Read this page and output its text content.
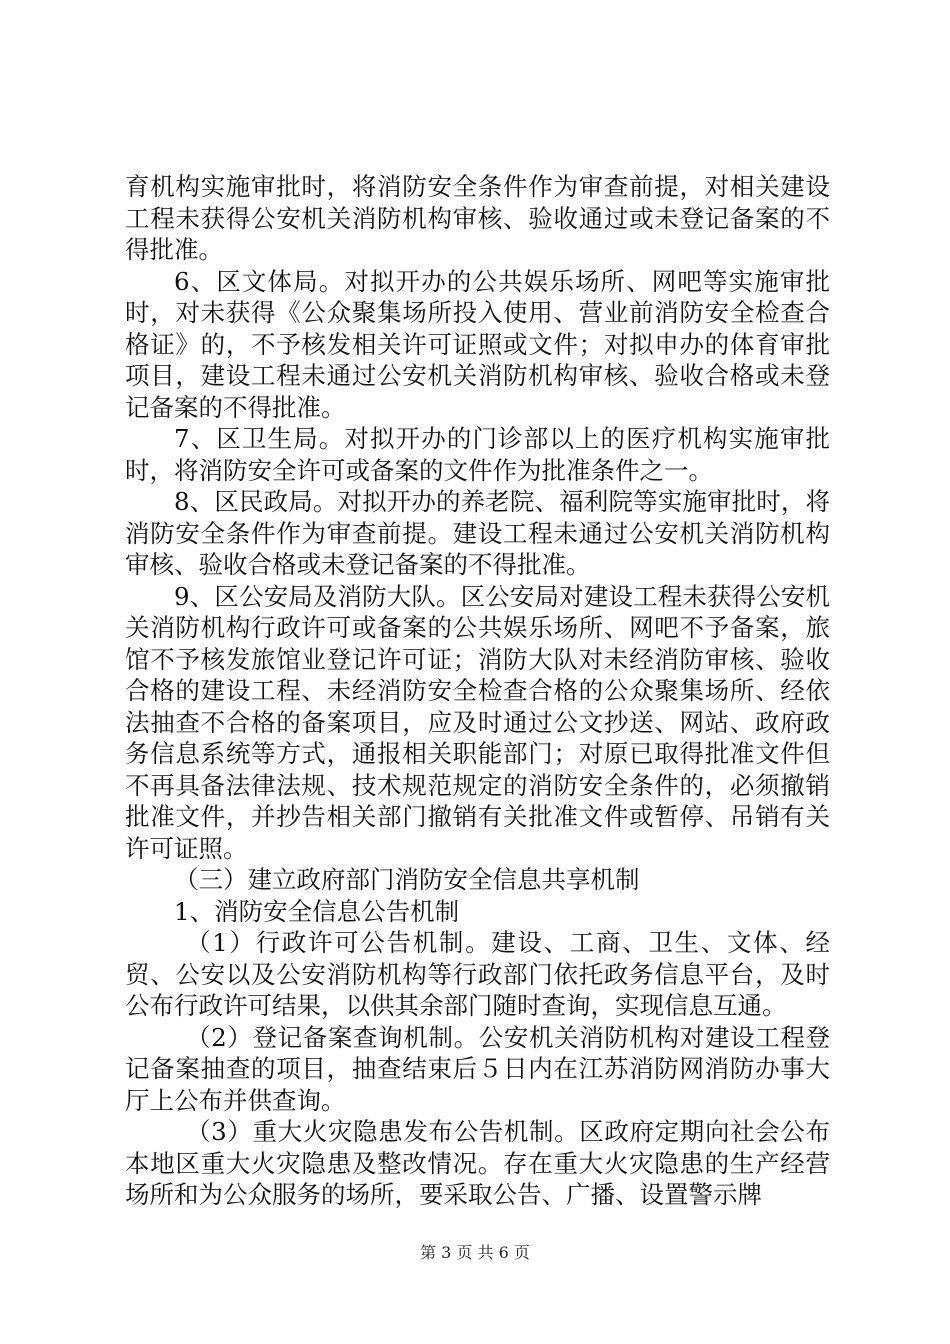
育机构实施审批时，将消防安全条件作为审查前提，对相关建设工程未获得公安机关消防机构审核、验收通过或未登记备案的不得批准。

6、区文体局。对拟开办的公共娱乐场所、网吧等实施审批时，对未获得《公众聚集场所投入使用、营业前消防安全检查合格证》的，不予核发相关许可证照或文件；对拟申办的体育审批项目，建设工程未通过公安机关消防机构审核、验收合格或未登记备案的不得批准。

7、区卫生局。对拟开办的门诊部以上的医疗机构实施审批时，将消防安全许可或备案的文件作为批准条件之一。

8、区民政局。对拟开办的养老院、福利院等实施审批时，将消防安全条件作为审查前提。建设工程未通过公安机关消防机构审核、验收合格或未登记备案的不得批准。

9、区公安局及消防大队。区公安局对建设工程未获得公安机关消防机构行政许可或备案的公共娱乐场所、网吧不予备案，旅馆不予核发旅馆业登记许可证；消防大队对未经消防审核、验收合格的建设工程、未经消防安全检查合格的公众聚集场所、经依法抽查不合格的备案项目，应及时通过公文抄送、网站、政府政务信息系统等方式，通报相关职能部门；对原已取得批准文件但不再具备法律法规、技术规范规定的消防安全条件的，必须撤销批准文件，并抄告相关部门撤销有关批准文件或暂停、吊销有关许可证照。

（三）建立政府部门消防安全信息共享机制

1、消防安全信息公告机制

（1）行政许可公告机制。建设、工商、卫生、文体、经贸、公安以及公安消防机构等行政部门依托政务信息平台，及时公布行政许可结果，以供其余部门随时查询，实现信息互通。

（2）登记备案查询机制。公安机关消防机构对建设工程登记备案抽查的项目，抽查结束后５日内在江苏消防网消防办事大厅上公布并供查询。

（3）重大火灾隐患发布公告机制。区政府定期向社会公布本地区重大火灾隐患及整改情况。存在重大火灾隐患的生产经营场所和为公众服务的场所，要采取公告、广播、设置警示牌

第 3 页 共 6 页
